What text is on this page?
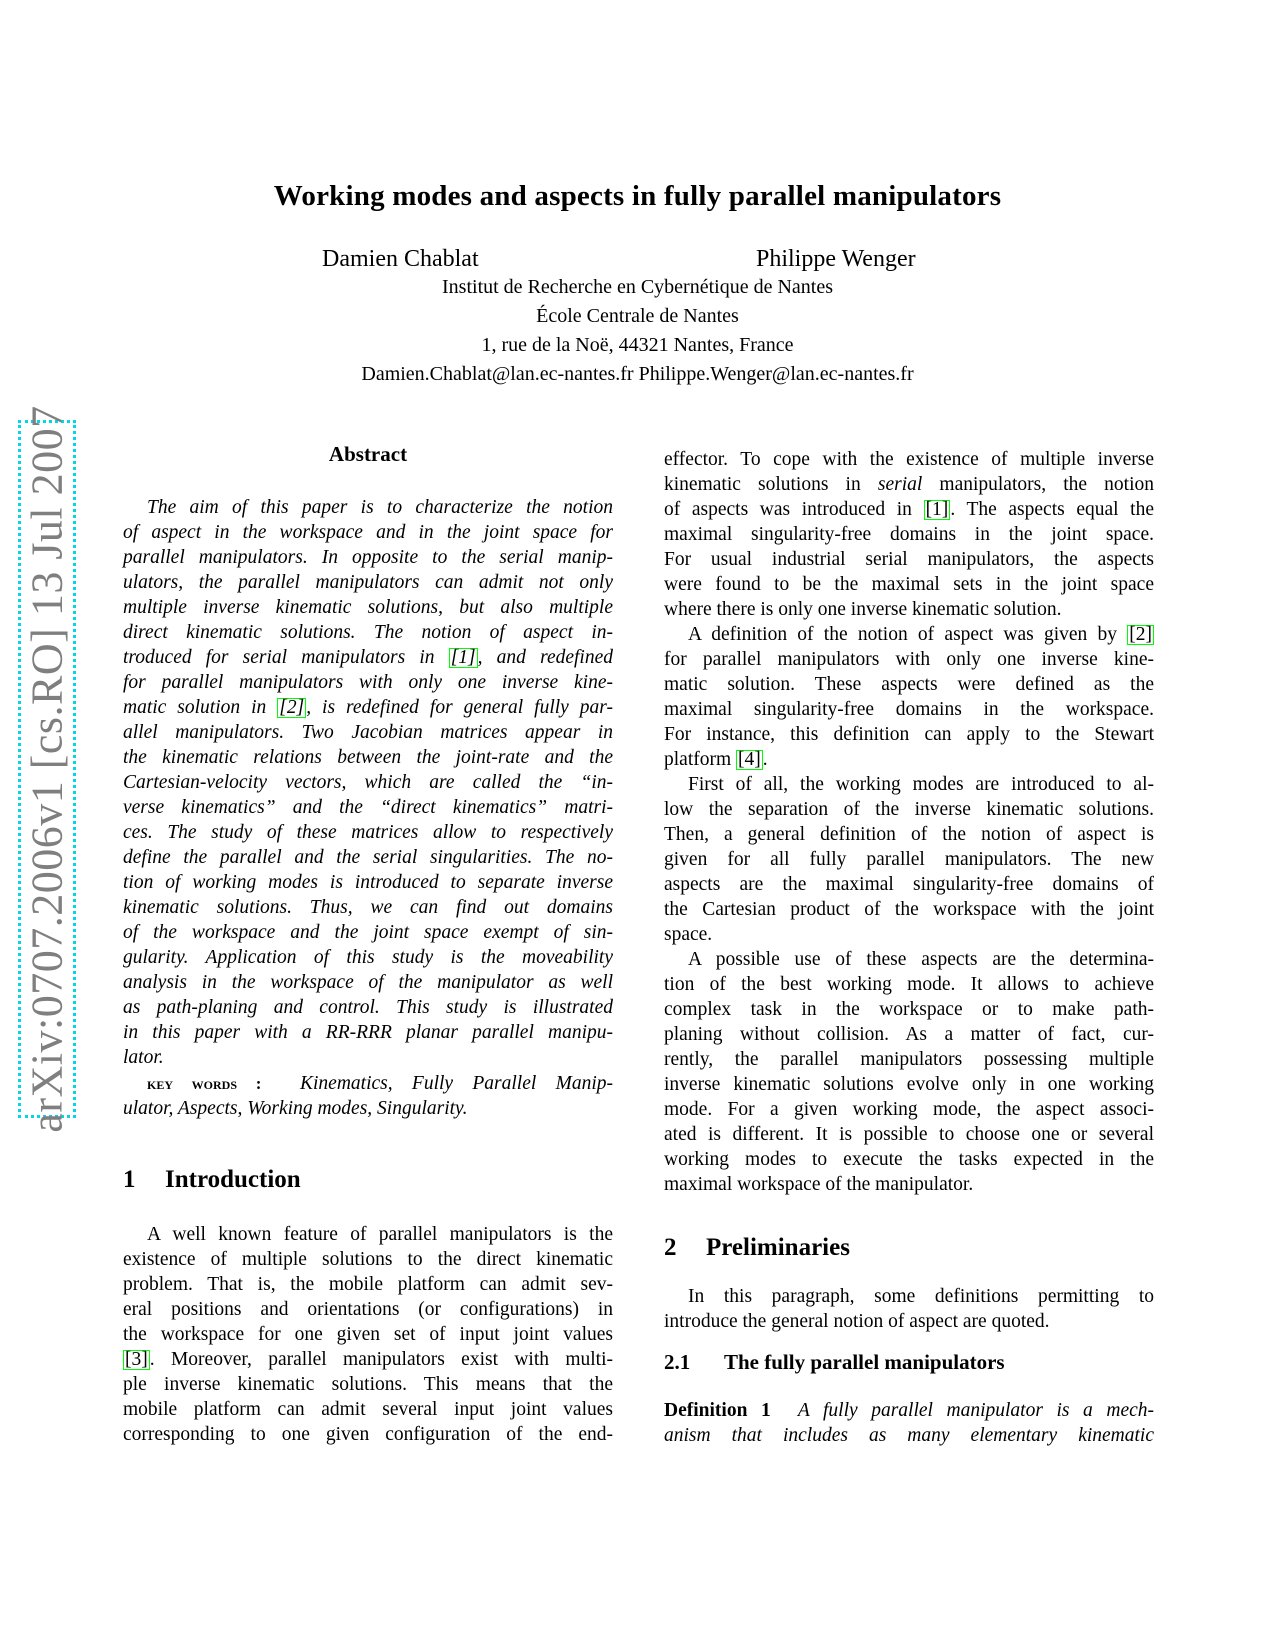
Working modes and aspects in fully parallel manipulators
Damien Chablat	Philippe Wenger
Institut de Recherche en Cybernétique de Nantes
École Centrale de Nantes
1, rue de la Noë, 44321 Nantes, France
Damien.Chablat@lan.ec-nantes.fr Philippe.Wenger@lan.ec-nantes.fr
arXiv:0707.2006v1 [cs.RO] 13 Jul 2007	Abstract
The aim of this paper is to characterize the notion
of aspect in the workspace and in the joint space for
parallel manipulators. In opposite to the serial manip-
ulators, the parallel manipulators can admit not only
multiple inverse kinematic solutions, but also multiple
direct kinematic solutions. The notion of aspect in-
troduced for serial manipulators in [1] , and redefined
for parallel manipulators with only one inverse kine-
matic solution in [2] , is redefined for general fully par-
allel manipulators. Two Jacobian matrices appear in
the kinematic relations between the joint-rate and the
Cartesian-velocity vectors, which are called the “in-
verse kinematics” and the “direct kinematics” matri-
ces. The study of these matrices allow to respectively
define the parallel and the serial singularities. The no-
tion of working modes is introduced to separate inverse
kinematic solutions. Thus, we can find out domains
of the workspace and the joint space exempt of sin-
gularity. Application of this study is the moveability
analysis in the workspace of the manipulator as well
as path-planing and control. This study is illustrated
in this paper with a RR-RRR planar parallel manipu-
lator.
key words : Kinematics, Fully Parallel Manip-
ulator, Aspects, Working modes, Singularity.
1 Introduction
A well known feature of parallel manipulators is the
existence of multiple solutions to the direct kinematic
problem. That is, the mobile platform can admit sev-
eral positions and orientations (or configurations) in
the workspace for one given set of input joint values
[3] . Moreover, parallel manipulators exist with multi-
ple inverse kinematic solutions. This means that the
mobile platform can admit several input joint values
corresponding to one given configuration of the end-
effector. To cope with the existence of multiple inverse
kinematic solutions in serial manipulators, the notion
of aspects was introduced in [1] . The aspects equal the
maximal singularity-free domains in the joint space.
For usual industrial serial manipulators, the aspects
were found to be the maximal sets in the joint space
where there is only one inverse kinematic solution.
A definition of the notion of aspect was given by [2]
for parallel manipulators with only one inverse kine-
matic solution. These aspects were defined as the
maximal singularity-free domains in the workspace.
For instance, this definition can apply to the Stewart
platform [4] .
First of all, the working modes are introduced to al-
low the separation of the inverse kinematic solutions.
Then, a general definition of the notion of aspect is
given for all fully parallel manipulators. The new
aspects are the maximal singularity-free domains of
the Cartesian product of the workspace with the joint
space.
A possible use of these aspects are the determina-
tion of the best working mode. It allows to achieve
complex task in the workspace or to make path-
planing without collision. As a matter of fact, cur-
rently, the parallel manipulators possessing multiple
inverse kinematic solutions evolve only in one working
mode. For a given working mode, the aspect associ-
ated is different. It is possible to choose one or several
working modes to execute the tasks expected in the
maximal workspace of the manipulator.
2 Preliminaries
In this paragraph, some definitions permitting to
introduce the general notion of aspect are quoted.
2.1 The fully parallel manipulators
Definition 1 A fully parallel manipulator is a mech-
anism that includes as many elementary kinematic
